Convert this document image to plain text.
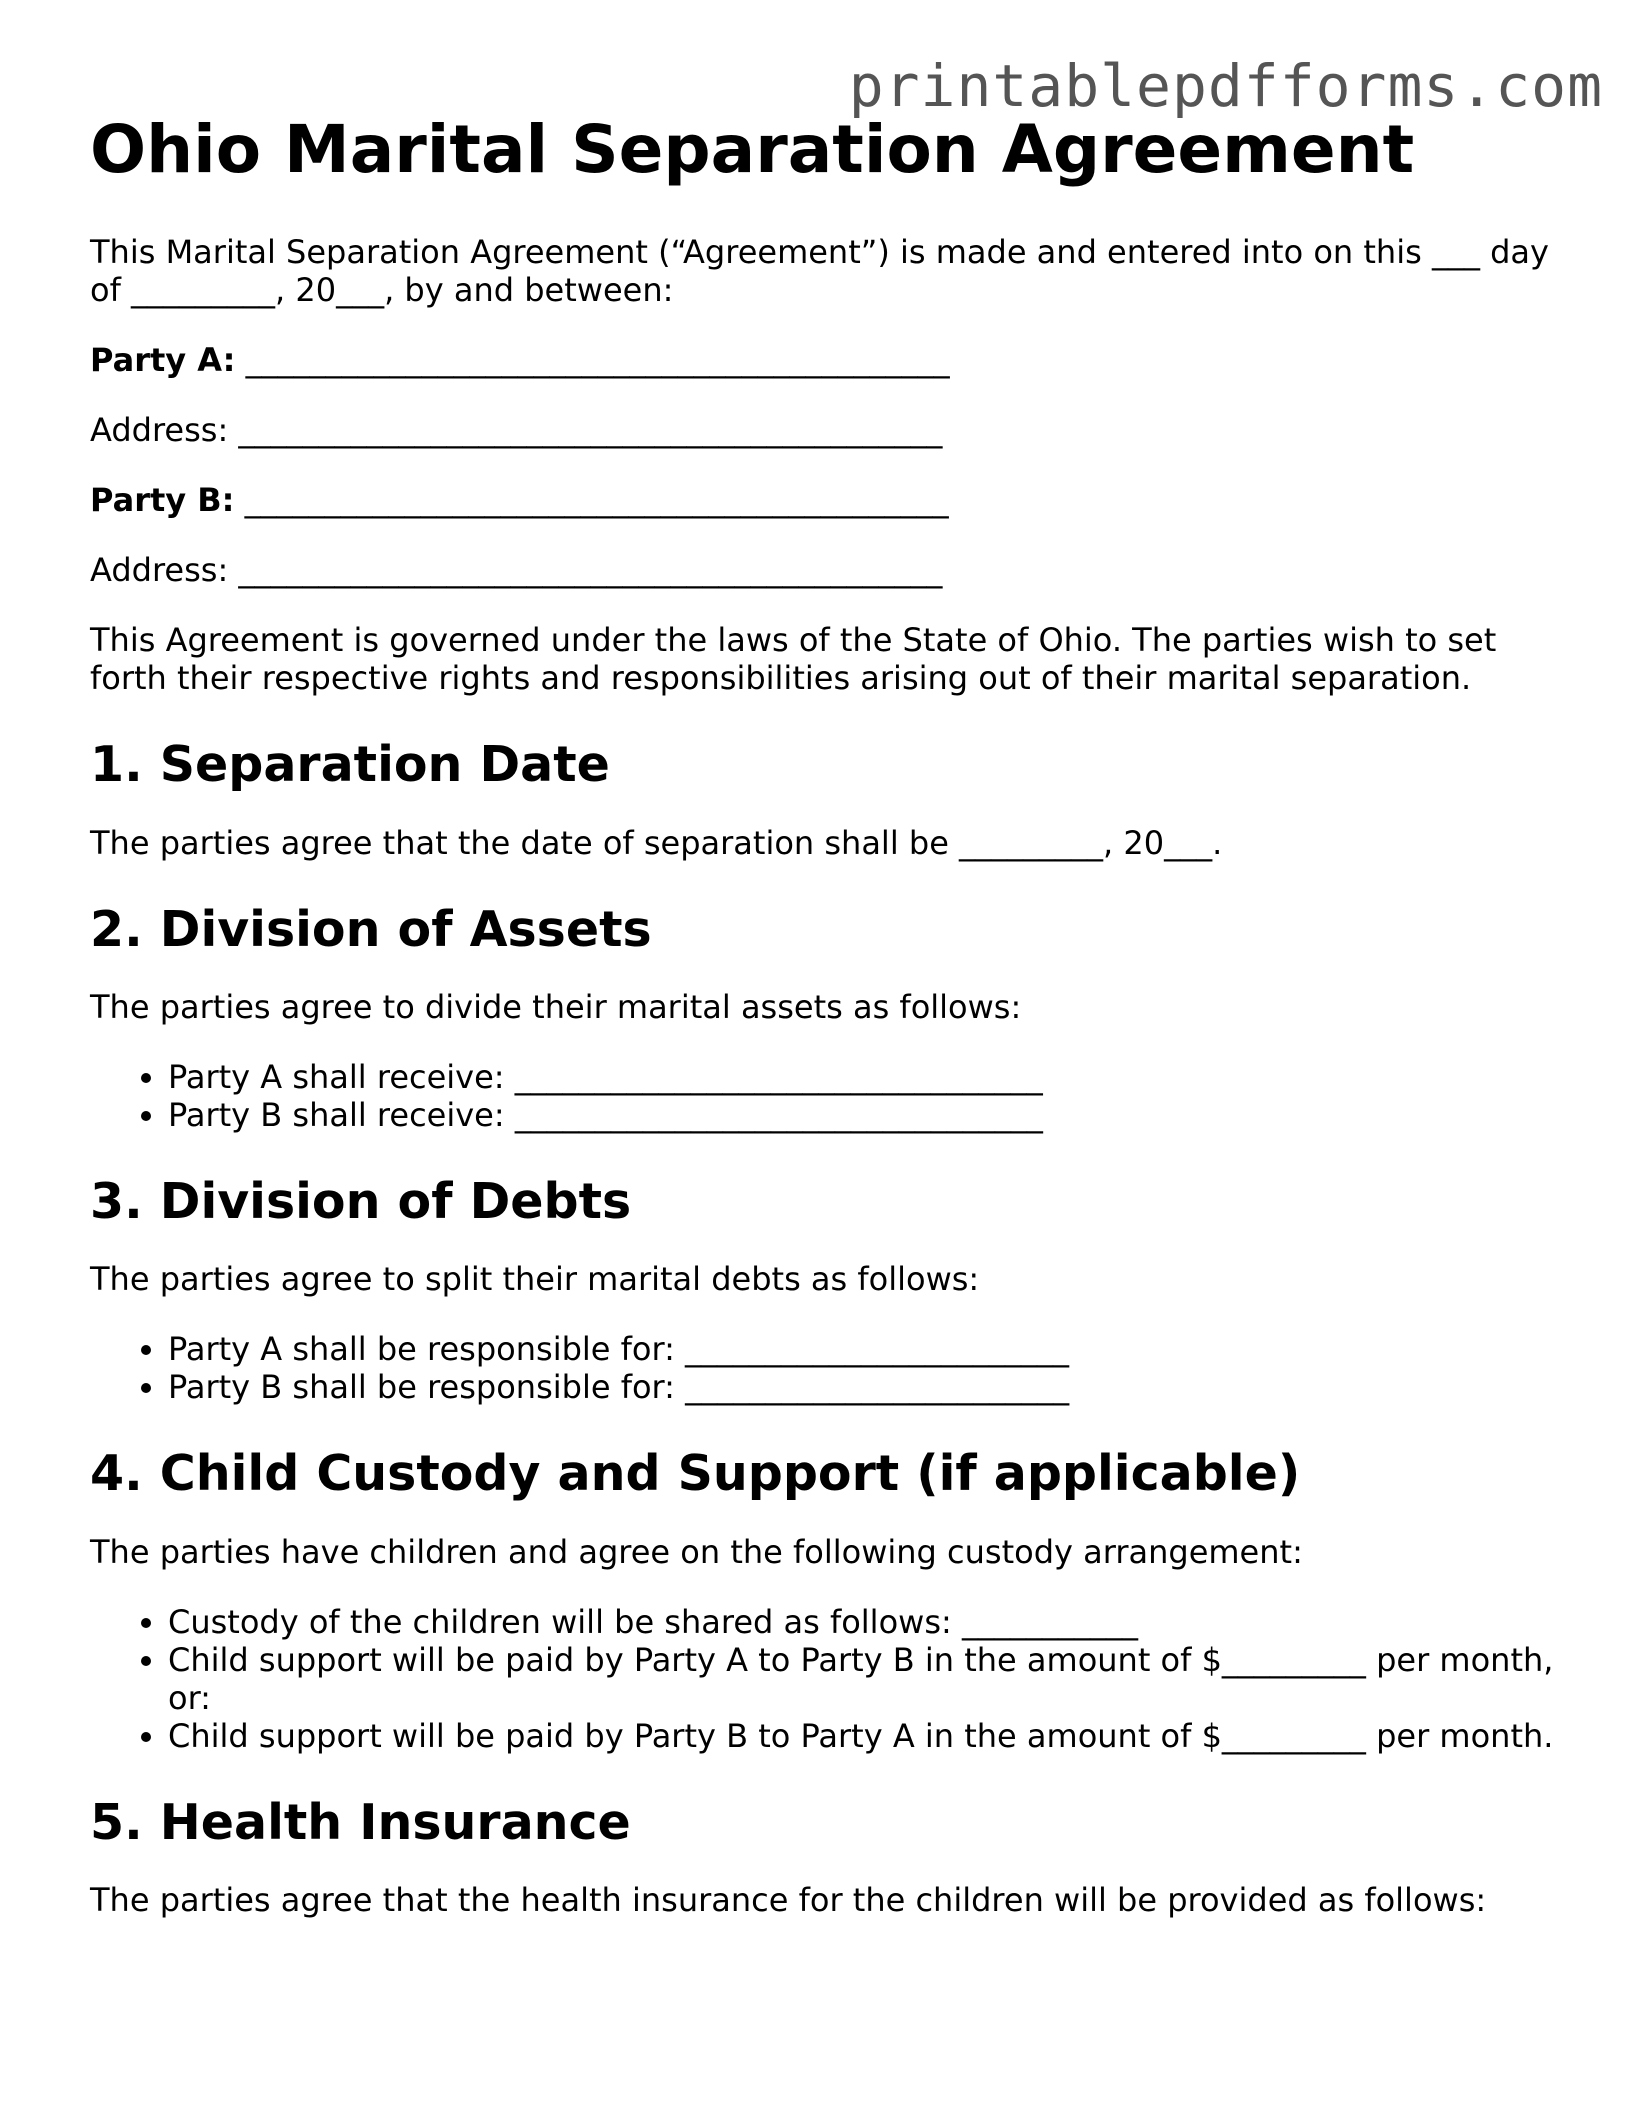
printablepdfforms.com
Ohio Marital Separation Agreement

This Marital Separation Agreement (“Agreement”) is made and entered into on this ___ day of _________, 20___, by and between:

Party A: ____________________________________________
Address: ____________________________________________
Party B: ____________________________________________
Address: ____________________________________________

This Agreement is governed under the laws of the State of Ohio. The parties wish to set forth their respective rights and responsibilities arising out of their marital separation.

1. Separation Date

The parties agree that the date of separation shall be _________, 20___.

2. Division of Assets

The parties agree to divide their marital assets as follows:

• Party A shall receive: _________________________________
• Party B shall receive: _________________________________
3. Division of Debts

The parties agree to split their marital debts as follows:

• Party A shall be responsible for: ________________________
• Party B shall be responsible for: ________________________
4. Child Custody and Support (if applicable)

The parties have children and agree on the following custody arrangement:

• Custody of the children will be shared as follows: ___________
• Child support will be paid by Party A to Party B in the amount of $_________ per month, or:
• Child support will be paid by Party B to Party A in the amount of $_________ per month.
5. Health Insurance

The parties agree that the health insurance for the children will be provided as follows:
